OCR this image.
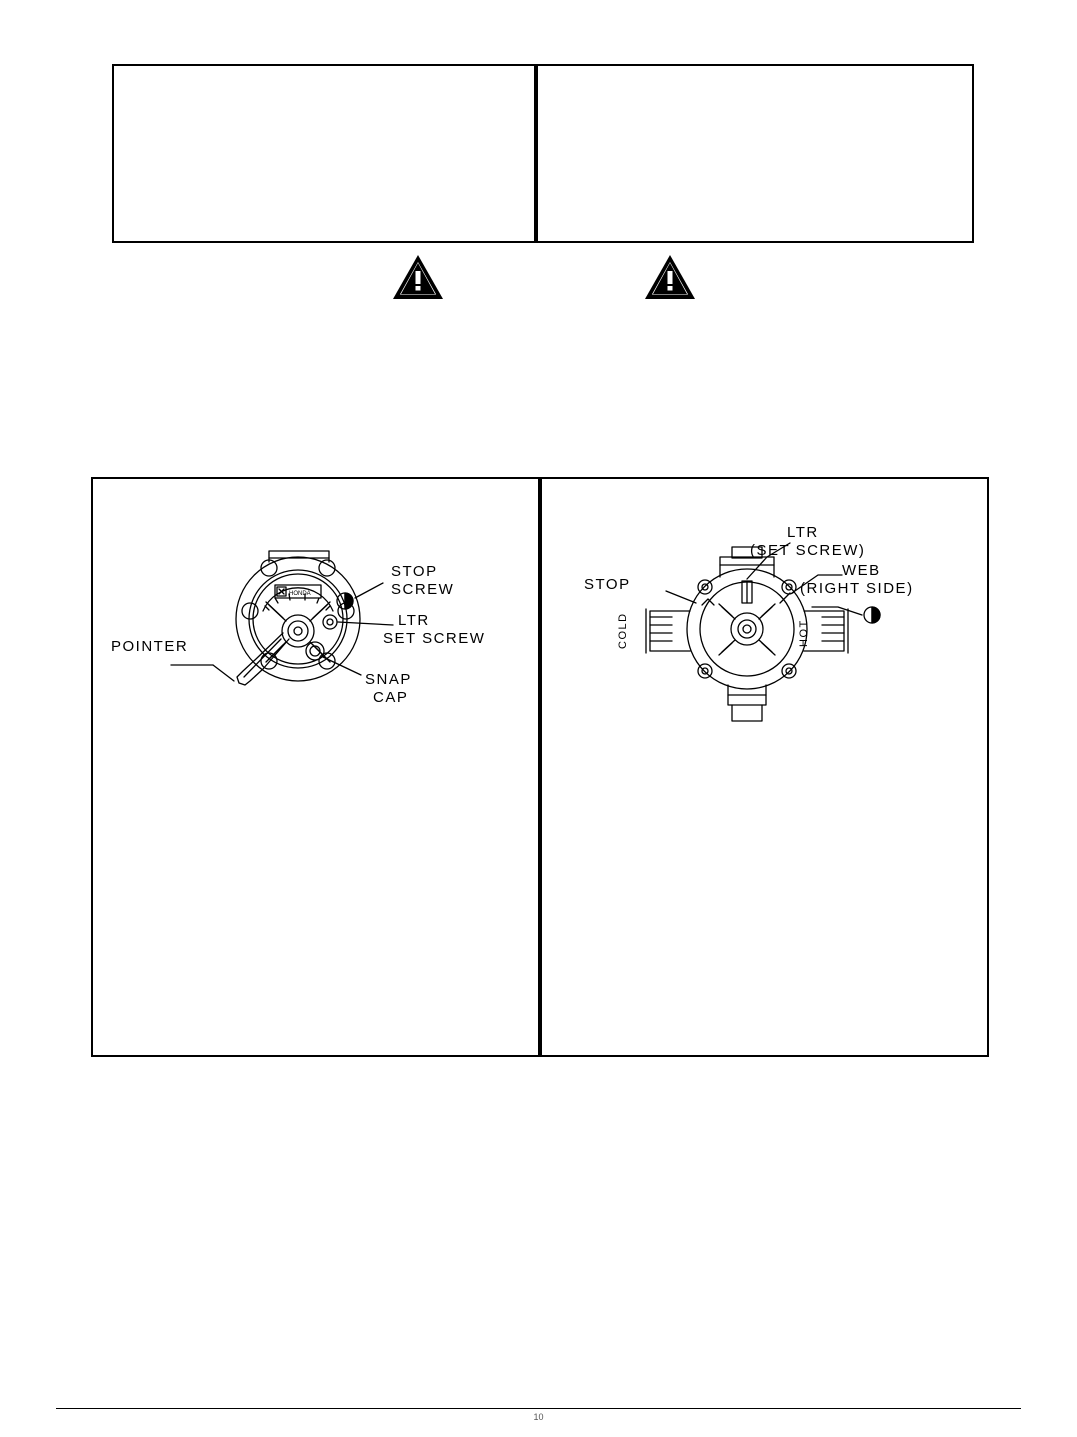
HONDA
STOP
SCREW
LTR
SET SCREW
SNAP
CAP
POINTER
LTR
(SET SCREW)
STOP
WEB
(RIGHT SIDE)
COLD	HOT
10
